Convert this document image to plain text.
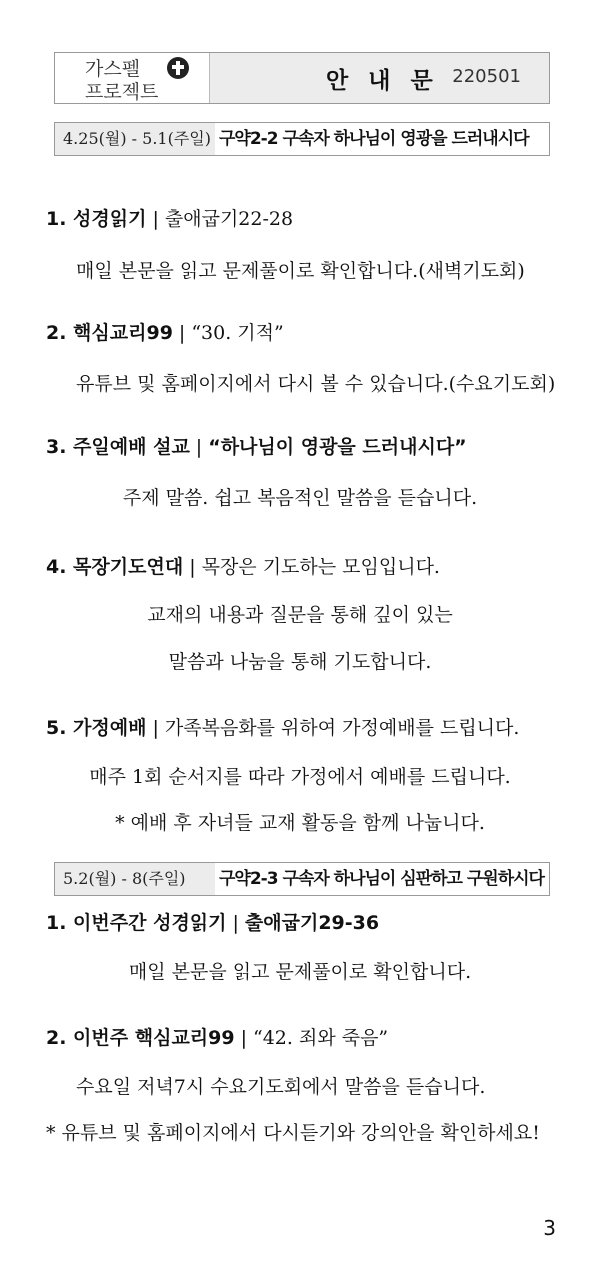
가스펠
프로젝트	안 내 문 220501
4.25(월) - 5.1(주일) 구약2-2 구속자 하나님이 영광을 드러내시다
1. 성경읽기 | 출애굽기22-28
매일 본문을 읽고 문제풀이로 확인합니다.(새벽기도회)
2. 핵심교리99 | “30. 기적”
유튜브 및 홈페이지에서 다시 볼 수 있습니다.(수요기도회)
3. 주일예배 설교 | “하나님이 영광을 드러내시다”
주제 말씀. 쉽고 복음적인 말씀을 듣습니다.
4. 목장기도연대 | 목장은 기도하는 모임입니다.
교재의 내용과 질문을 통해 깊이 있는
말씀과 나눔을 통해 기도합니다.
5. 가정예배 | 가족복음화를 위하여 가정예배를 드립니다.
매주 1회 순서지를 따라 가정에서 예배를 드립니다.
* 예배 후 자녀들 교재 활동을 함께 나눕니다.
5.2(월) - 8(주일)	구약2-3 구속자 하나님이 심판하고 구원하시다
1. 이번주간 성경읽기 | 출애굽기29-36
매일 본문을 읽고 문제풀이로 확인합니다.
2. 이번주 핵심교리99 | “42. 죄와 죽음”
수요일 저녁7시 수요기도회에서 말씀을 듣습니다.
* 유튜브 및 홈페이지에서 다시듣기와 강의안을 확인하세요!
3
